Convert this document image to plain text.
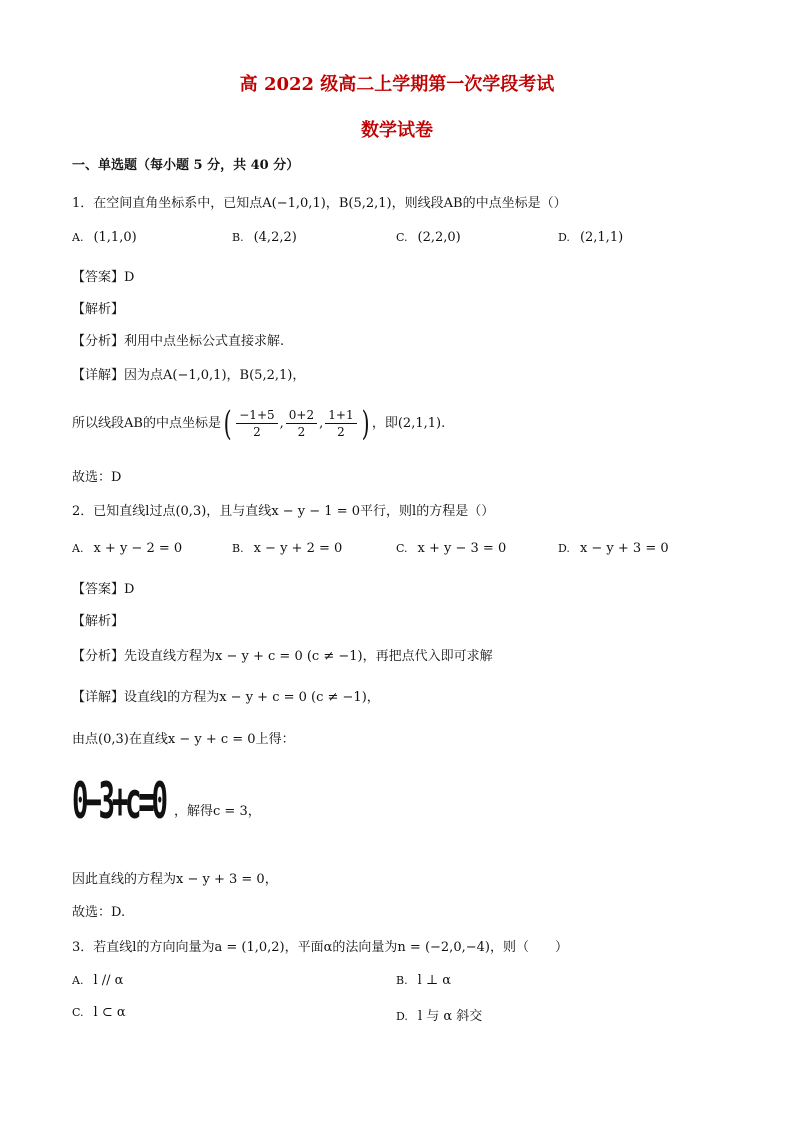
高 2022 级高二上学期第一次学段考试
数学试卷
一、单选题（每小题 5 分，共 40 分）
1．在空间直角坐标系中，已知点A(−1,0,1)，B(5,2,1)，则线段AB的中点坐标是（）
A. (1,1,0)	B. (4,2,2)	C. (2,2,0)	D. (2,1,1)
【答案】D
【解析】
【分析】利用中点坐标公式直接求解.
【详解】因为点A(−1,0,1)，B(5,2,1)，
所以线段AB的中点坐标是( $\frac{-1+5}{2}$ , $\frac{0+2}{2}$ , $\frac{1+1}{2}$ ) ，即(2,1,1).
故选：D
2．已知直线l过点(0,3)，且与直线x − y − 1 = 0平行，则l的方程是（）
A. x + y − 2 = 0	B. x − y + 2 = 0	C. x + y − 3 = 0	D. x − y + 3 = 0
【答案】D
【解析】
【分析】先设直线方程为x − y + c = 0 (c ≠ −1)，再把点代入即可求解
【详解】设直线l的方程为x − y + c = 0 (c ≠ −1)，
由点(0,3)在直线x − y + c = 0上得：
0−3+c=0 ，解得c = 3，
因此直线的方程为x − y + 3 = 0，
故选：D.
3．若直线l的方向向量为a = (1,0,2)，平面α的法向量为n = (−2,0,−4)，则（　　）
A. l // α	B. l ⊥ α
C. l ⊂ α	D. l 与 α 斜交
